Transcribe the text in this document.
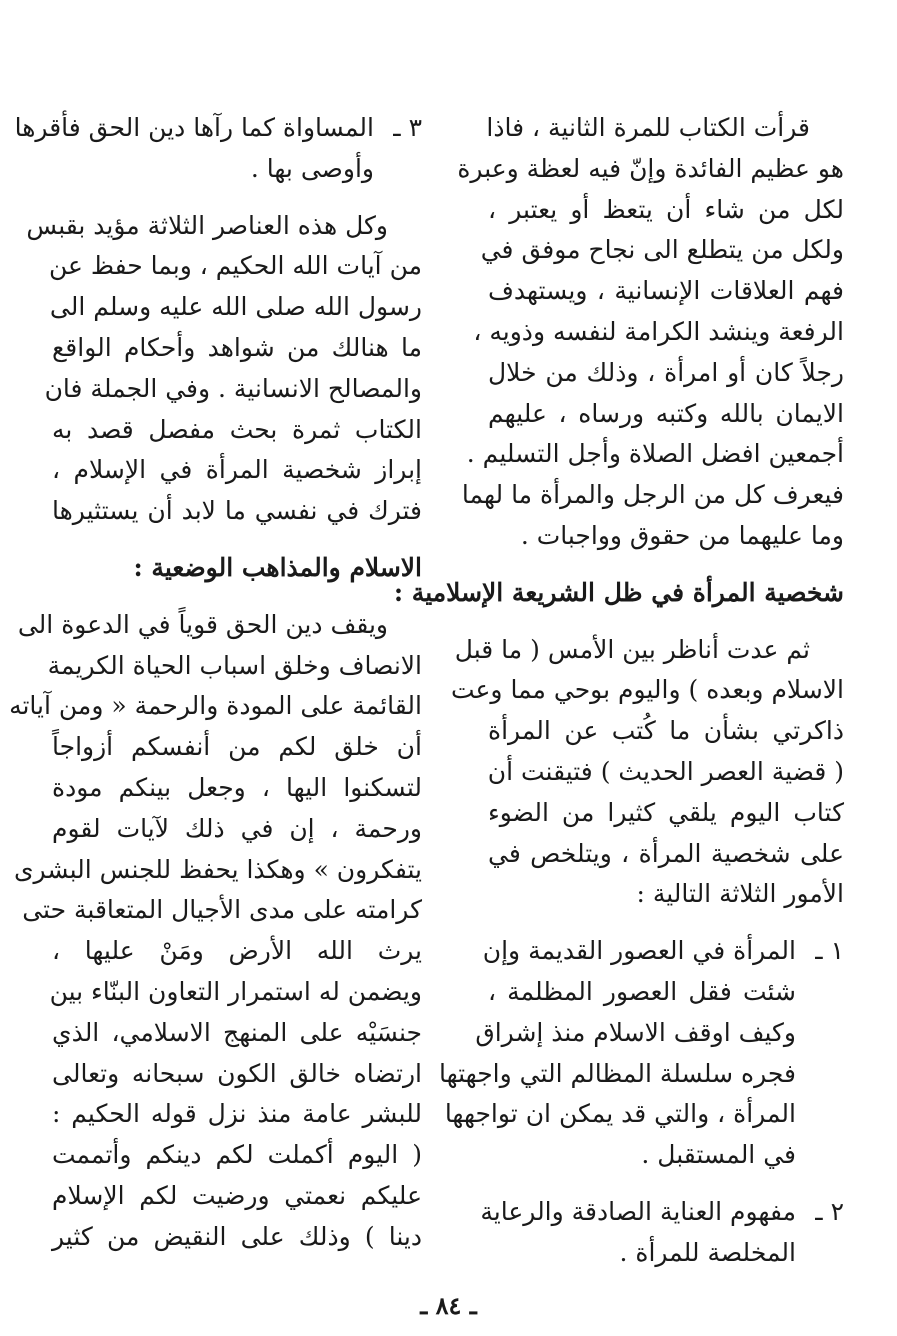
قرأت الكتاب للمرة الثانية ، فاذا
هو عظيم الفائدة وإنّ فيه لعظة وعبرة
لكل من شاء أن يتعظ أو يعتبر ،
ولكل من يتطلع الى نجاح موفق في
فهم العلاقات الإنسانية ، ويستهدف
الرفعة وينشد الكرامة لنفسه وذويه ،
رجلاً كان أو امرأة ، وذلك من خلال
الايمان بالله وكتبه ورساه ، عليهم
أجمعين افضل الصلاة وأجل التسليم .
فيعرف كل من الرجل والمرأة ما لهما
وما عليهما من حقوق وواجبات .
شخصية المرأة في ظل الشريعة الإسلامية :
ثم عدت أناظر بين الأمس ( ما قبل
الاسلام وبعده ) واليوم بوحي مما وعت
ذاكرتي بشأن ما كُتب عن المرأة
( قضية العصر الحديث ) فتيقنت أن
كتاب اليوم يلقي كثيرا من الضوء
على شخصية المرأة ، ويتلخص في
الأمور الثلاثة التالية :
١ ـ
المرأة في العصور القديمة وإن
شئت فقل العصور المظلمة ،
وكيف اوقف الاسلام منذ إشراق
فجره سلسلة المظالم التي واجهتها
المرأة ، والتي قد يمكن ان تواجهها
في المستقبل .
٢ ـ
مفهوم العناية الصادقة والرعاية
المخلصة للمرأة .
٣ ـ
المساواة كما رآها دين الحق فأقرها
وأوصى بها .
وكل هذه العناصر الثلاثة مؤيد بقبس
من آيات الله الحكيم ، وبما حفظ عن
رسول الله صلى الله عليه وسلم الى
ما هنالك من شواهد وأحكام الواقع
والمصالح الانسانية . وفي الجملة فان
الكتاب ثمرة بحث مفصل قصد به
إبراز شخصية المرأة في الإسلام ،
فترك في نفسي ما لابد أن يستثيرها
الاسلام والمذاهب الوضعية :
ويقف دين الحق قوياً في الدعوة الى
الانصاف وخلق اسباب الحياة الكريمة
القائمة على المودة والرحمة « ومن آياته
أن خلق لكم من أنفسكم أزواجاً
لتسكنوا اليها ، وجعل بينكم مودة
ورحمة ، إن في ذلك لآيات لقوم
يتفكرون » وهكذا يحفظ للجنس البشرى
كرامته على مدى الأجيال المتعاقبة حتى
يرث الله الأرض ومَنْ عليها ،
ويضمن له استمرار التعاون البنّاء بين
جنسَيْه على المنهج الاسلامي، الذي
ارتضاه خالق الكون سبحانه وتعالى
للبشر عامة منذ نزل قوله الحكيم :
( اليوم أكملت لكم دينكم وأتممت
عليكم نعمتي ورضيت لكم الإسلام
دينا ) وذلك على النقيض من كثير
ـ ٨٤ ـ
